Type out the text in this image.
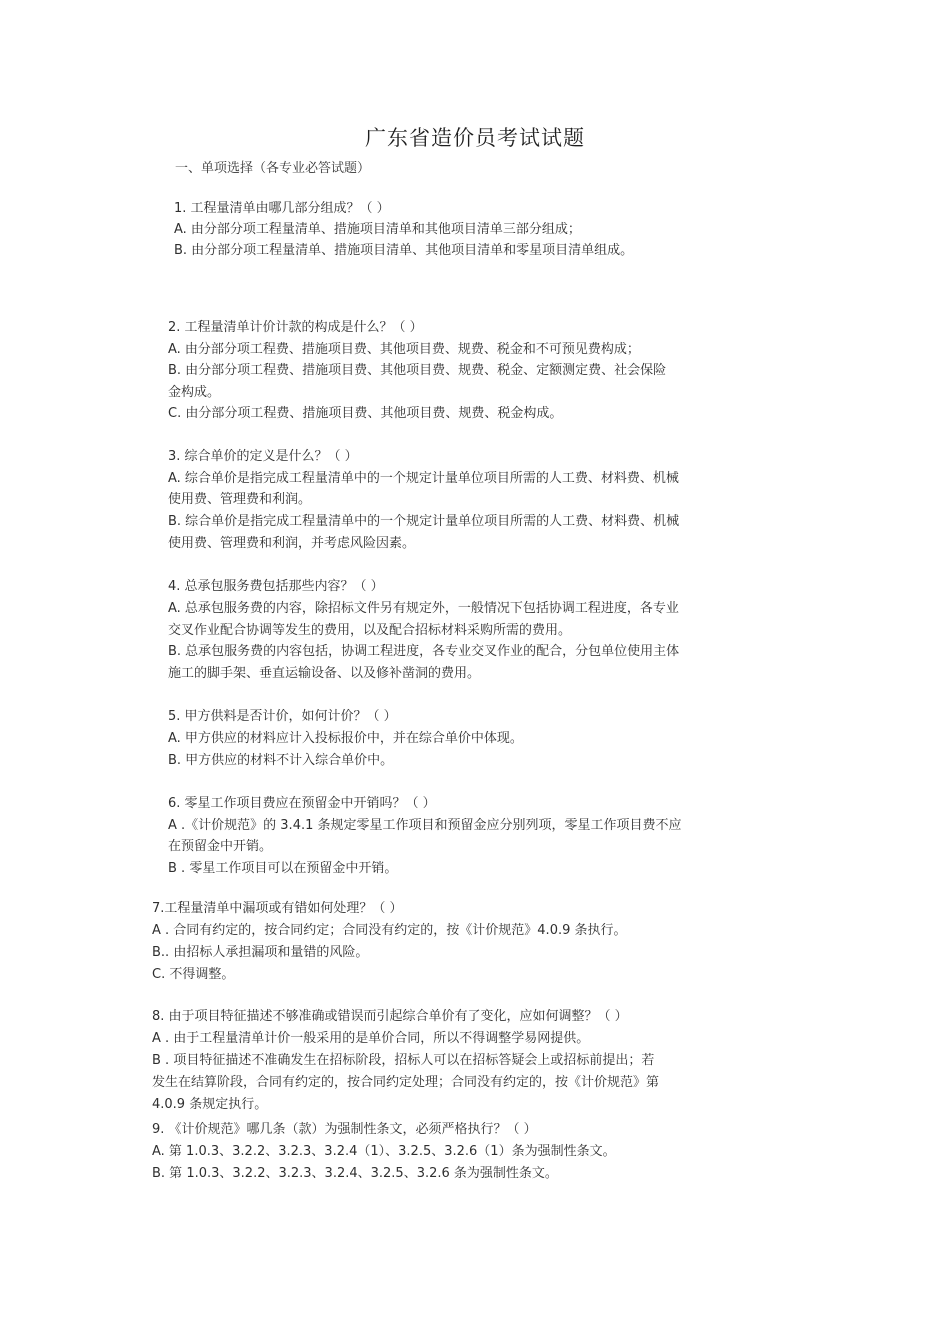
广东省造价员考试试题
一、单项选择（各专业必答试题）
1. 工程量清单由哪几部分组成？（ ）
A. 由分部分项工程量清单、措施项目清单和其他项目清单三部分组成；
B. 由分部分项工程量清单、措施项目清单、其他项目清单和零星项目清单组成。
2. 工程量清单计价计款的构成是什么？（ ）
A. 由分部分项工程费、措施项目费、其他项目费、规费、税金和不可预见费构成；
B. 由分部分项工程费、措施项目费、其他项目费、规费、税金、定额测定费、社会保险
金构成。
C. 由分部分项工程费、措施项目费、其他项目费、规费、税金构成。
3. 综合单价的定义是什么？（ ）
A. 综合单价是指完成工程量清单中的一个规定计量单位项目所需的人工费、材料费、机械
使用费、管理费和利润。
B. 综合单价是指完成工程量清单中的一个规定计量单位项目所需的人工费、材料费、机械
使用费、管理费和利润，并考虑风险因素。
4. 总承包服务费包括那些内容？（ ）
A. 总承包服务费的内容，除招标文件另有规定外，一般情况下包括协调工程进度，各专业
交叉作业配合协调等发生的费用，以及配合招标材料采购所需的费用。
B. 总承包服务费的内容包括，协调工程进度，各专业交叉作业的配合，分包单位使用主体
施工的脚手架、垂直运输设备、以及修补凿洞的费用。
5. 甲方供料是否计价，如何计价？（ ）
A. 甲方供应的材料应计入投标报价中，并在综合单价中体现。
B. 甲方供应的材料不计入综合单价中。
6. 零星工作项目费应在预留金中开销吗？（ ）
A .《计价规范》的 3.4.1 条规定零星工作项目和预留金应分别列项，零星工作项目费不应
在预留金中开销。
B . 零星工作项目可以在预留金中开销。
7.工程量清单中漏项或有错如何处理？（ ）
A . 合同有约定的，按合同约定；合同没有约定的，按《计价规范》4.0.9 条执行。
B.. 由招标人承担漏项和量错的风险。
C. 不得调整。
8. 由于项目特征描述不够准确或错误而引起综合单价有了变化，应如何调整？（ ）
A . 由于工程量清单计价一般采用的是单价合同，所以不得调整学易网提供。
B . 项目特征描述不准确发生在招标阶段，招标人可以在招标答疑会上或招标前提出；若
发生在结算阶段，合同有约定的，按合同约定处理；合同没有约定的，按《计价规范》第
4.0.9 条规定执行。
9. 《计价规范》哪几条（款）为强制性条文，必须严格执行？（ ）
A. 第 1.0.3、3.2.2、3.2.3、3.2.4（1）、3.2.5、3.2.6（1）条为强制性条文。
B. 第 1.0.3、3.2.2、3.2.3、3.2.4、3.2.5、3.2.6 条为强制性条文。
